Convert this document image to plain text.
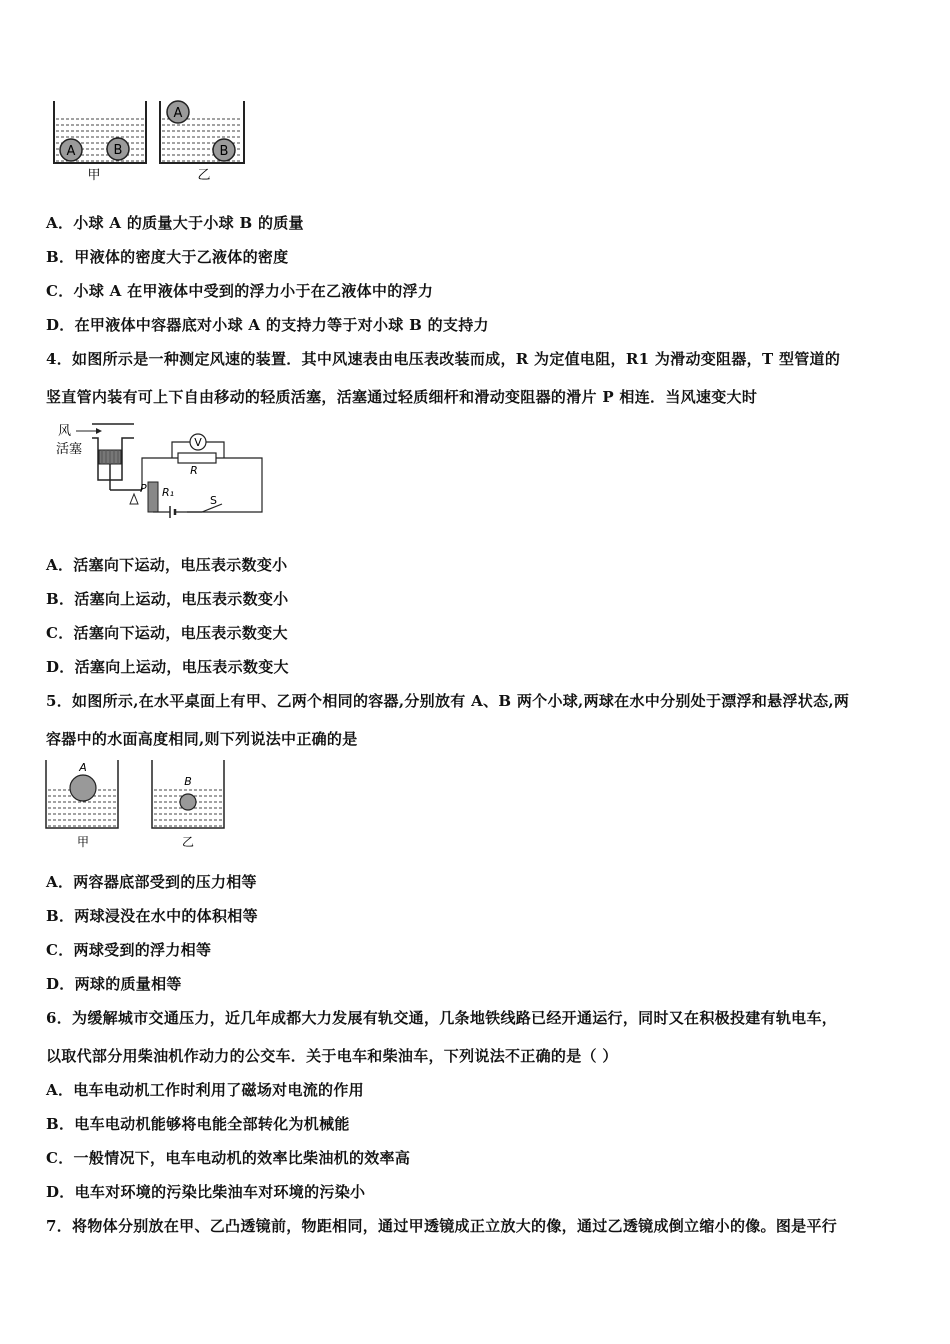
A	B
甲
A
B
乙
A．小球 A 的质量大于小球 B 的质量
B．甲液体的密度大于乙液体的密度
C．小球 A 在甲液体中受到的浮力小于在乙液体中的浮力
D．在甲液体中容器底对小球 A 的支持力等于对小球 B 的支持力
4．如图所示是一种测定风速的装置．其中风速表由电压表改装而成，R 为定值电阻，R1 为滑动变阻器，T 型管道的
竖直管内装有可上下自由移动的轻质活塞，活塞通过轻质细杆和滑动变阻器的滑片 P 相连．当风速变大时
风
活塞	V
R
P R₁
S
A．活塞向下运动，电压表示数变小
B．活塞向上运动，电压表示数变小
C．活塞向下运动，电压表示数变大
D．活塞向上运动，电压表示数变大
5．如图所示,在水平桌面上有甲、乙两个相同的容器,分别放有 A、B 两个小球,两球在水中分别处于漂浮和悬浮状态,两
容器中的水面高度相同,则下列说法中正确的是
A
甲
B
乙
A．两容器底部受到的压力相等
B．两球浸没在水中的体积相等
C．两球受到的浮力相等
D．两球的质量相等
6．为缓解城市交通压力，近几年成都大力发展有轨交通，几条地铁线路已经开通运行，同时又在积极投建有轨电车，
以取代部分用柴油机作动力的公交车．关于电车和柴油车，下列说法不正确的是（ ）
A．电车电动机工作时利用了磁场对电流的作用
B．电车电动机能够将电能全部转化为机械能
C．一般情况下，电车电动机的效率比柴油机的效率高
D．电车对环境的污染比柴油车对环境的污染小
7．将物体分别放在甲、乙凸透镜前，物距相同，通过甲透镜成正立放大的像，通过乙透镜成倒立缩小的像。图是平行
